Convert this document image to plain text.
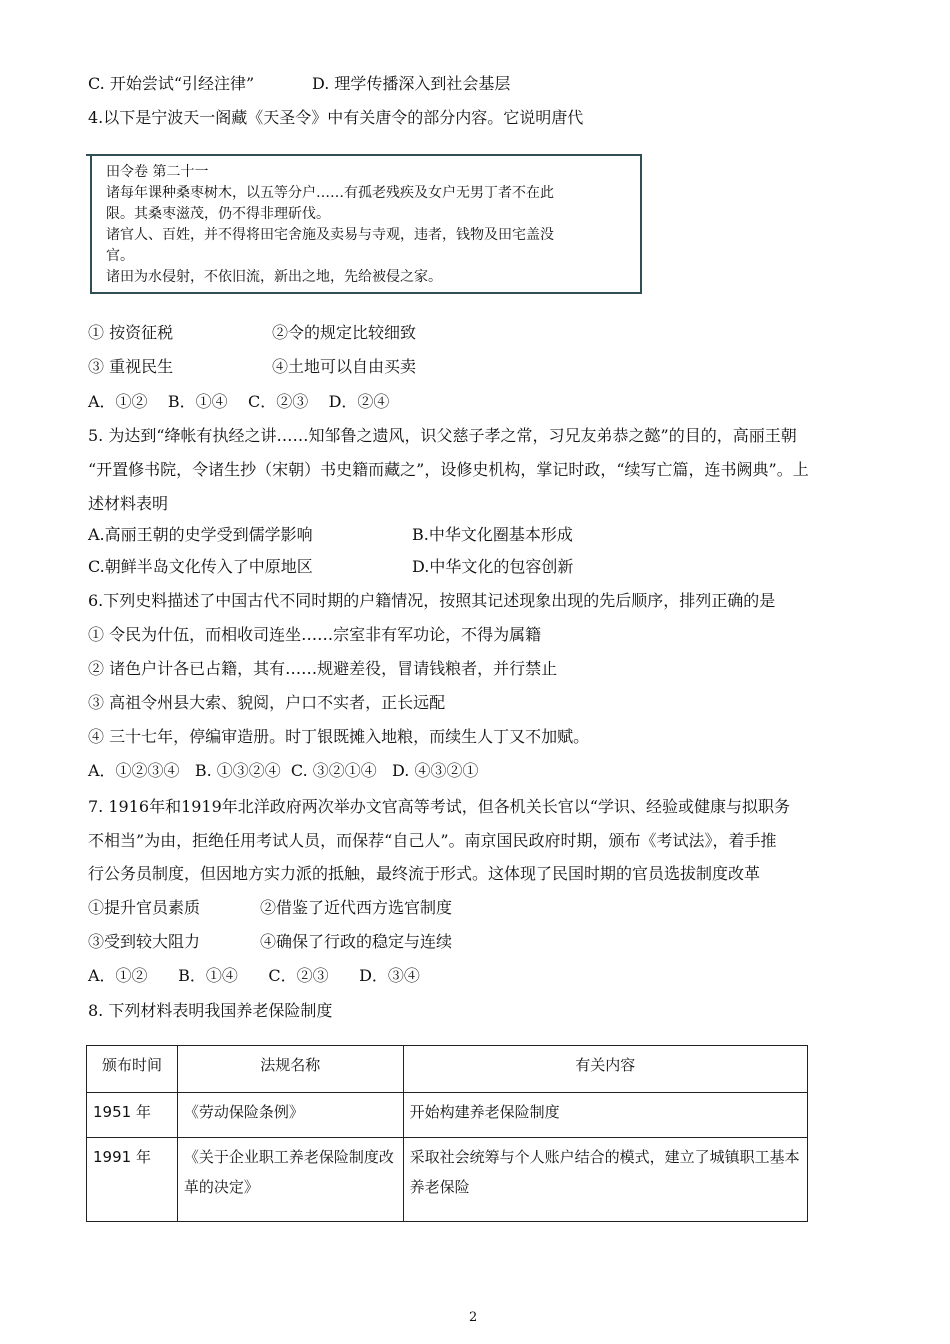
C. 开始尝试“引经注律”	D. 理学传播深入到社会基层
4.以下是宁波天一阁藏《天圣令》中有关唐令的部分内容。它说明唐代
田令卷 第二十一
诸每年课种桑枣树木，以五等分户……有孤老残疾及女户无男丁者不在此
限。其桑枣滋茂，仍不得非理斫伐。
诸官人、百姓，并不得将田宅舍施及卖易与寺观，违者，钱物及田宅盖没
官。
诸田为水侵射，不依旧流，新出之地，先给被侵之家。
① 按资征税	②令的规定比较细致
③ 重视民生	④土地可以自由买卖
A．①②    B．①④    C．②③    D．②④
5. 为达到“绛帐有执经之讲……知邹鲁之遗风，识父慈子孝之常，习兄友弟恭之懿”的目的，高丽王朝
“开置修书院，令诸生抄（宋朝）书史籍而藏之”，设修史机构，掌记时政，“续写亡篇，连书阙典”。上
述材料表明
A.高丽王朝的史学受到儒学影响	B.中华文化圈基本形成
C.朝鲜半岛文化传入了中原地区	D.中华文化的包容创新
6.下列史料描述了中国古代不同时期的户籍情况，按照其记述现象出现的先后顺序，排列正确的是
① 令民为什伍，而相收司连坐……宗室非有军功论，不得为属籍
② 诸色户计各已占籍，其有……规避差役，冒请钱粮者，并行禁止
③ 高祖令州县大索、貌阅，户口不实者，正长远配
④ 三十七年，停编审造册。时丁银既摊入地粮，而续生人丁又不加赋。
A．①②③④   B. ①③②④  C. ③②①④   D. ④③②①
7. 1916年和1919年北洋政府两次举办文官高等考试，但各机关长官以“学识、经验或健康与拟职务
不相当”为由，拒绝任用考试人员，而保荐“自己人”。南京国民政府时期，颁布《考试法》，着手推
行公务员制度，但因地方实力派的抵触，最终流于形式。这体现了民国时期的官员选拔制度改革
①提升官员素质	②借鉴了近代西方选官制度
③受到较大阻力	④确保了行政的稳定与连续
A．①②      B．①④      C．②③      D．③④
8. 下列材料表明我国养老保险制度
颁布时间	法规名称	有关内容
1951 年	《劳动保险条例》	开始构建养老保险制度
1991 年	《关于企业职工养老保险制度改革的决定》	采取社会统筹与个人账户结合的模式，建立了城镇职工基本养老保险
2
